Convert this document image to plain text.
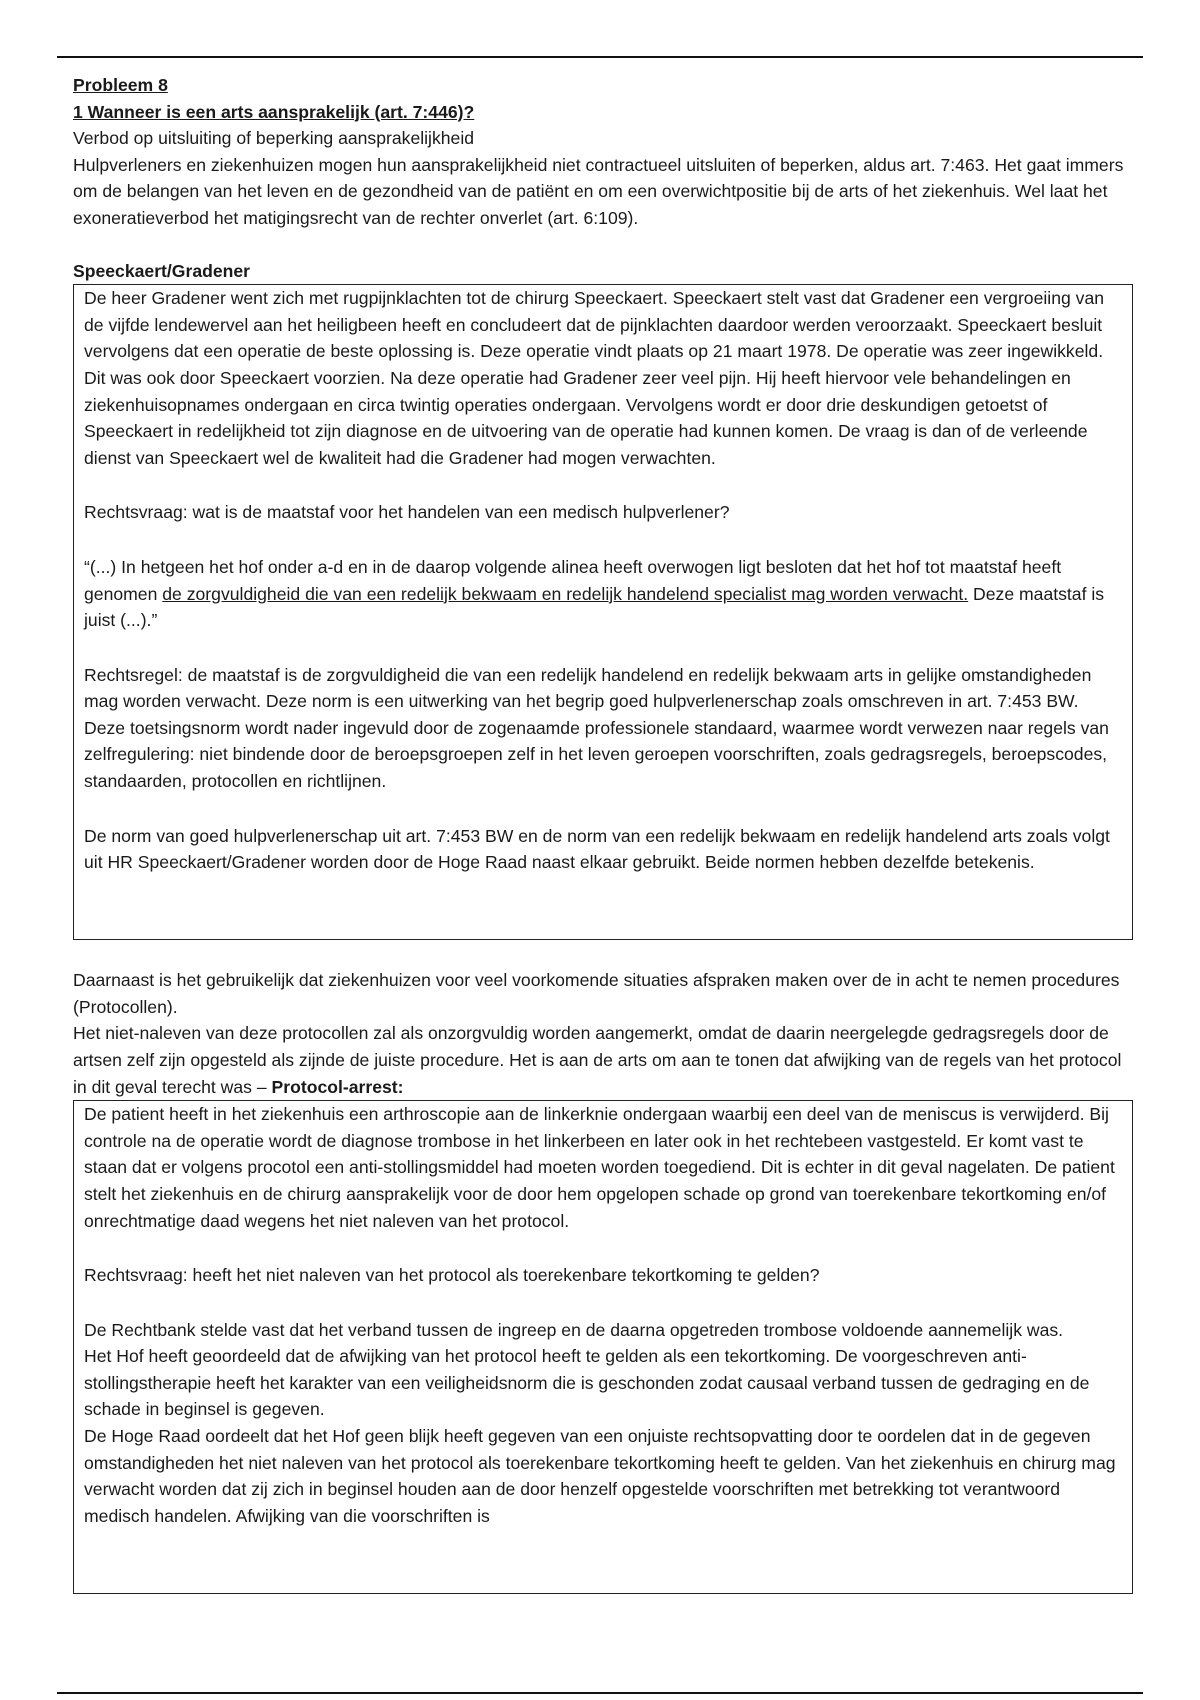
Probleem 8

1 Wanneer is een arts aansprakelijk (art. 7:446)?

Verbod op uitsluiting of beperking aansprakelijkheid

Hulpverleners en ziekenhuizen mogen hun aansprakelijkheid niet contractueel uitsluiten of beperken, aldus art. 7:463. Het gaat immers om de belangen van het leven en de gezondheid van de patiënt en om een overwichtpositie bij de arts of het ziekenhuis. Wel laat het exoneratieverbod het matigingsrecht van de rechter onverlet (art. 6:109).

Speeckaert/Gradener

De heer Gradener went zich met rugpijnklachten tot de chirurg Speeckaert. Speeckaert stelt vast dat Gradener een vergroeiing van de vijfde lendewervel aan het heiligbeen heeft en concludeert dat de pijnklachten daardoor werden veroorzaakt. Speeckaert besluit vervolgens dat een operatie de beste oplossing is. Deze operatie vindt plaats op 21 maart 1978. De operatie was zeer ingewikkeld. Dit was ook door Speeckaert voorzien. Na deze operatie had Gradener zeer veel pijn. Hij heeft hiervoor vele behandelingen en ziekenhuisopnames ondergaan en circa twintig operaties ondergaan. Vervolgens wordt er door drie deskundigen getoetst of Speeckaert in redelijkheid tot zijn diagnose en de uitvoering van de operatie had kunnen komen. De vraag is dan of de verleende dienst van Speeckaert wel de kwaliteit had die Gradener had mogen verwachten.

Rechtsvraag: wat is de maatstaf voor het handelen van een medisch hulpverlener?

“(...) In hetgeen het hof onder a-d en in de daarop volgende alinea heeft overwogen ligt besloten dat het hof tot maatstaf heeft genomen de zorgvuldigheid die van een redelijk bekwaam en redelijk handelend specialist mag worden verwacht. Deze maatstaf is juist (...).”

Rechtsregel: de maatstaf is de zorgvuldigheid die van een redelijk handelend en redelijk bekwaam arts in gelijke omstandigheden mag worden verwacht. Deze norm is een uitwerking van het begrip goed hulpverlenerschap zoals omschreven in art. 7:453 BW. Deze toetsingsnorm wordt nader ingevuld door de zogenaamde professionele standaard, waarmee wordt verwezen naar regels van zelfregulering: niet bindende door de beroepsgroepen zelf in het leven geroepen voorschriften, zoals gedragsregels, beroepscodes, standaarden, protocollen en richtlijnen.

De norm van goed hulpverlenerschap uit art. 7:453 BW en de norm van een redelijk bekwaam en redelijk handelend arts zoals volgt uit HR Speeckaert/Gradener worden door de Hoge Raad naast elkaar gebruikt. Beide normen hebben dezelfde betekenis.

Daarnaast is het gebruikelijk dat ziekenhuizen voor veel voorkomende situaties afspraken maken over de in acht te nemen procedures (Protocollen).

Het niet-naleven van deze protocollen zal als onzorgvuldig worden aangemerkt, omdat de daarin neergelegde gedragsregels door de artsen zelf zijn opgesteld als zijnde de juiste procedure. Het is aan de arts om aan te tonen dat afwijking van de regels van het protocol in dit geval terecht was – Protocol-arrest:

De patient heeft in het ziekenhuis een arthroscopie aan de linkerknie ondergaan waarbij een deel van de meniscus is verwijderd. Bij controle na de operatie wordt de diagnose trombose in het linkerbeen en later ook in het rechtebeen vastgesteld. Er komt vast te staan dat er volgens procotol een anti-stollingsmiddel had moeten worden toegediend. Dit is echter in dit geval nagelaten. De patient stelt het ziekenhuis en de chirurg aansprakelijk voor de door hem opgelopen schade op grond van toerekenbare tekortkoming en/of onrechtmatige daad wegens het niet naleven van het protocol.

Rechtsvraag: heeft het niet naleven van het protocol als toerekenbare tekortkoming te gelden?

De Rechtbank stelde vast dat het verband tussen de ingreep en de daarna opgetreden trombose voldoende aannemelijk was.

Het Hof heeft geoordeeld dat de afwijking van het protocol heeft te gelden als een tekortkoming. De voorgeschreven anti-stollingstherapie heeft het karakter van een veiligheidsnorm die is geschonden zodat causaal verband tussen de gedraging en de schade in beginsel is gegeven.

De Hoge Raad oordeelt dat het Hof geen blijk heeft gegeven van een onjuiste rechtsopvatting door te oordelen dat in de gegeven omstandigheden het niet naleven van het protocol als toerekenbare tekortkoming heeft te gelden. Van het ziekenhuis en chirurg mag verwacht worden dat zij zich in beginsel houden aan de door henzelf opgestelde voorschriften met betrekking tot verantwoord medisch handelen. Afwijking van die voorschriften is
